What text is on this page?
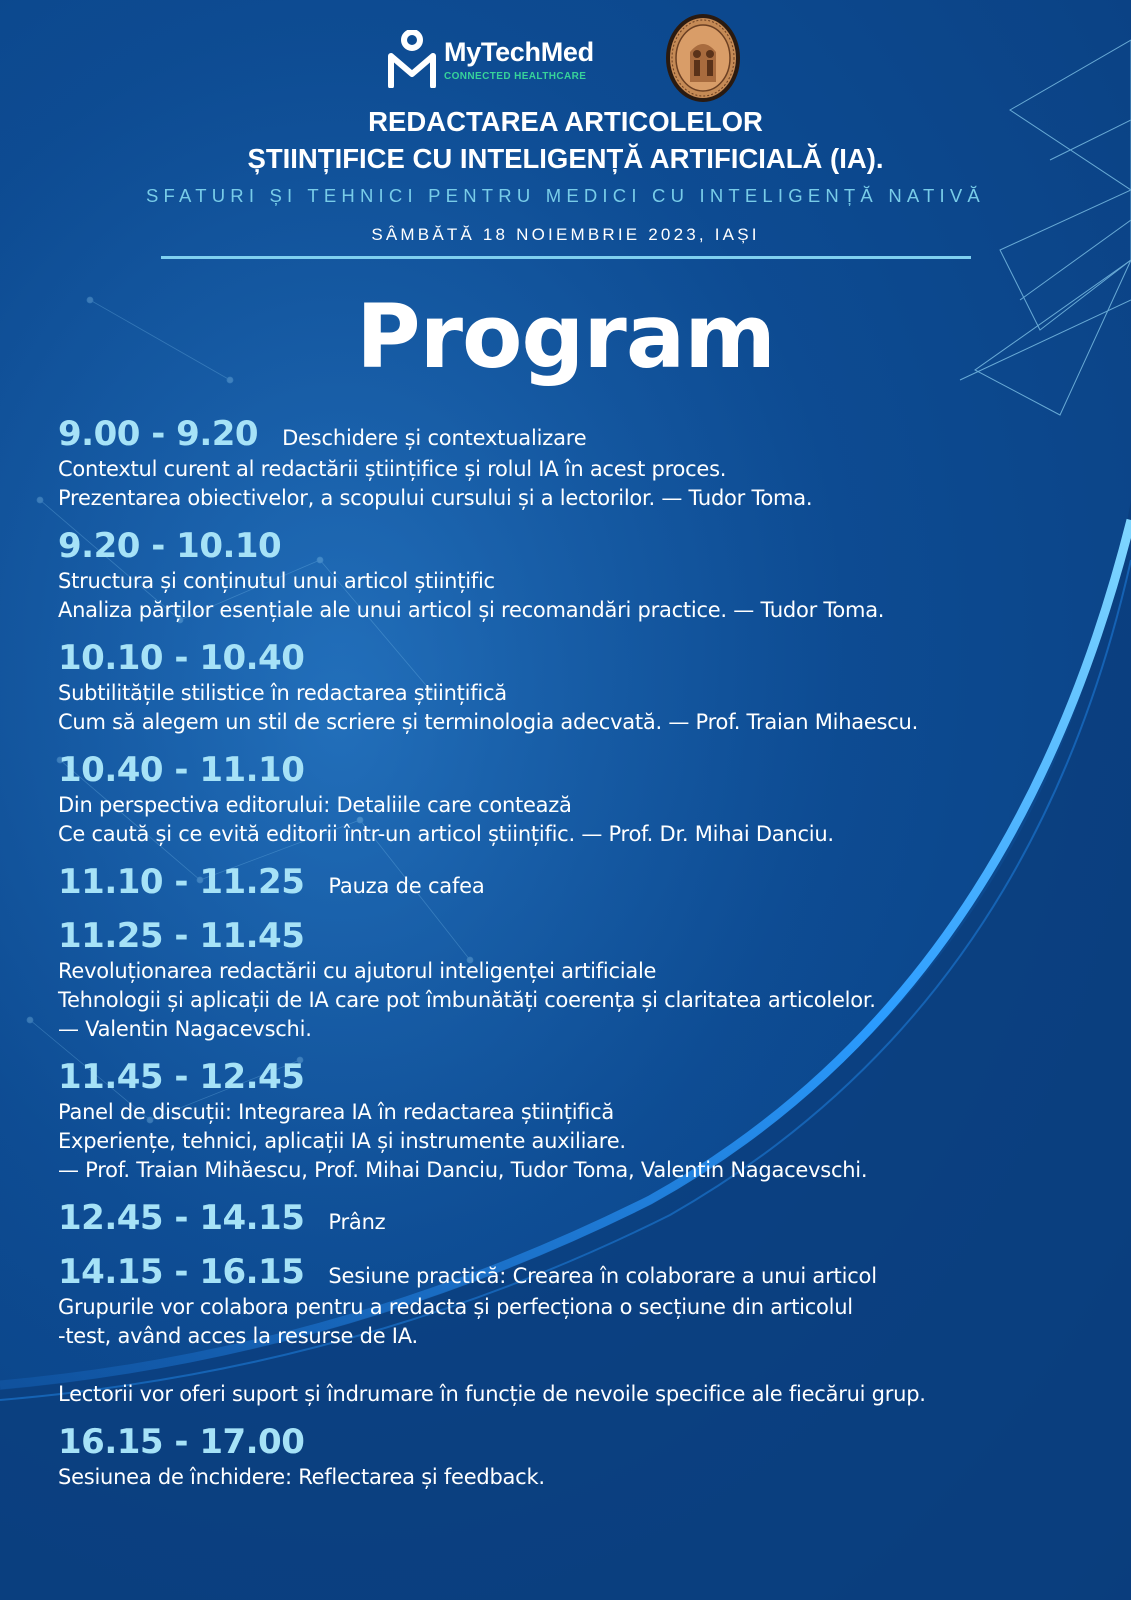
MyTechMed
CONNECTED HEALTHCARE
REDACTAREA ARTICOLELOR
ȘTIINȚIFICE CU INTELIGENȚĂ ARTIFICIALĂ (IA).
SFATURI ȘI TEHNICI PENTRU MEDICI CU INTELIGENȚĂ NATIVĂ
SÂMBĂTĂ 18 NOIEMBRIE 2023, IAȘI
Program
9.00 - 9.20 Deschidere și contextualizare
Contextul curent al redactării științifice și rolul IA în acest proces.
Prezentarea obiectivelor, a scopului cursului și a lectorilor. — Tudor Toma.
9.20 - 10.10
Structura și conținutul unui articol științific
Analiza părților esențiale ale unui articol și recomandări practice. — Tudor Toma.
10.10 - 10.40
Subtilitățile stilistice în redactarea științifică
Cum să alegem un stil de scriere și terminologia adecvată. — Prof. Traian Mihaescu.
10.40 - 11.10
Din perspectiva editorului: Detaliile care contează
Ce caută și ce evită editorii într-un articol științific. — Prof. Dr. Mihai Danciu.
11.10 - 11.25 Pauza de cafea
11.25 - 11.45
Revoluționarea redactării cu ajutorul inteligenței artificiale
Tehnologii și aplicații de IA care pot îmbunătăți coerența și claritatea articolelor.
— Valentin Nagacevschi.
11.45 - 12.45
Panel de discuții: Integrarea IA în redactarea științifică
Experiențe, tehnici, aplicații IA și instrumente auxiliare.
— Prof. Traian Mihăescu, Prof. Mihai Danciu, Tudor Toma, Valentin Nagacevschi.
12.45 - 14.15 Prânz
14.15 - 16.15 Sesiune practică: Crearea în colaborare a unui articol
Grupurile vor colabora pentru a redacta și perfecționa o secțiune din articolul
-test, având acces la resurse de IA.
Lectorii vor oferi suport și îndrumare în funcție de nevoile specifice ale fiecărui grup.
16.15 - 17.00
Sesiunea de închidere: Reflectarea și feedback.
